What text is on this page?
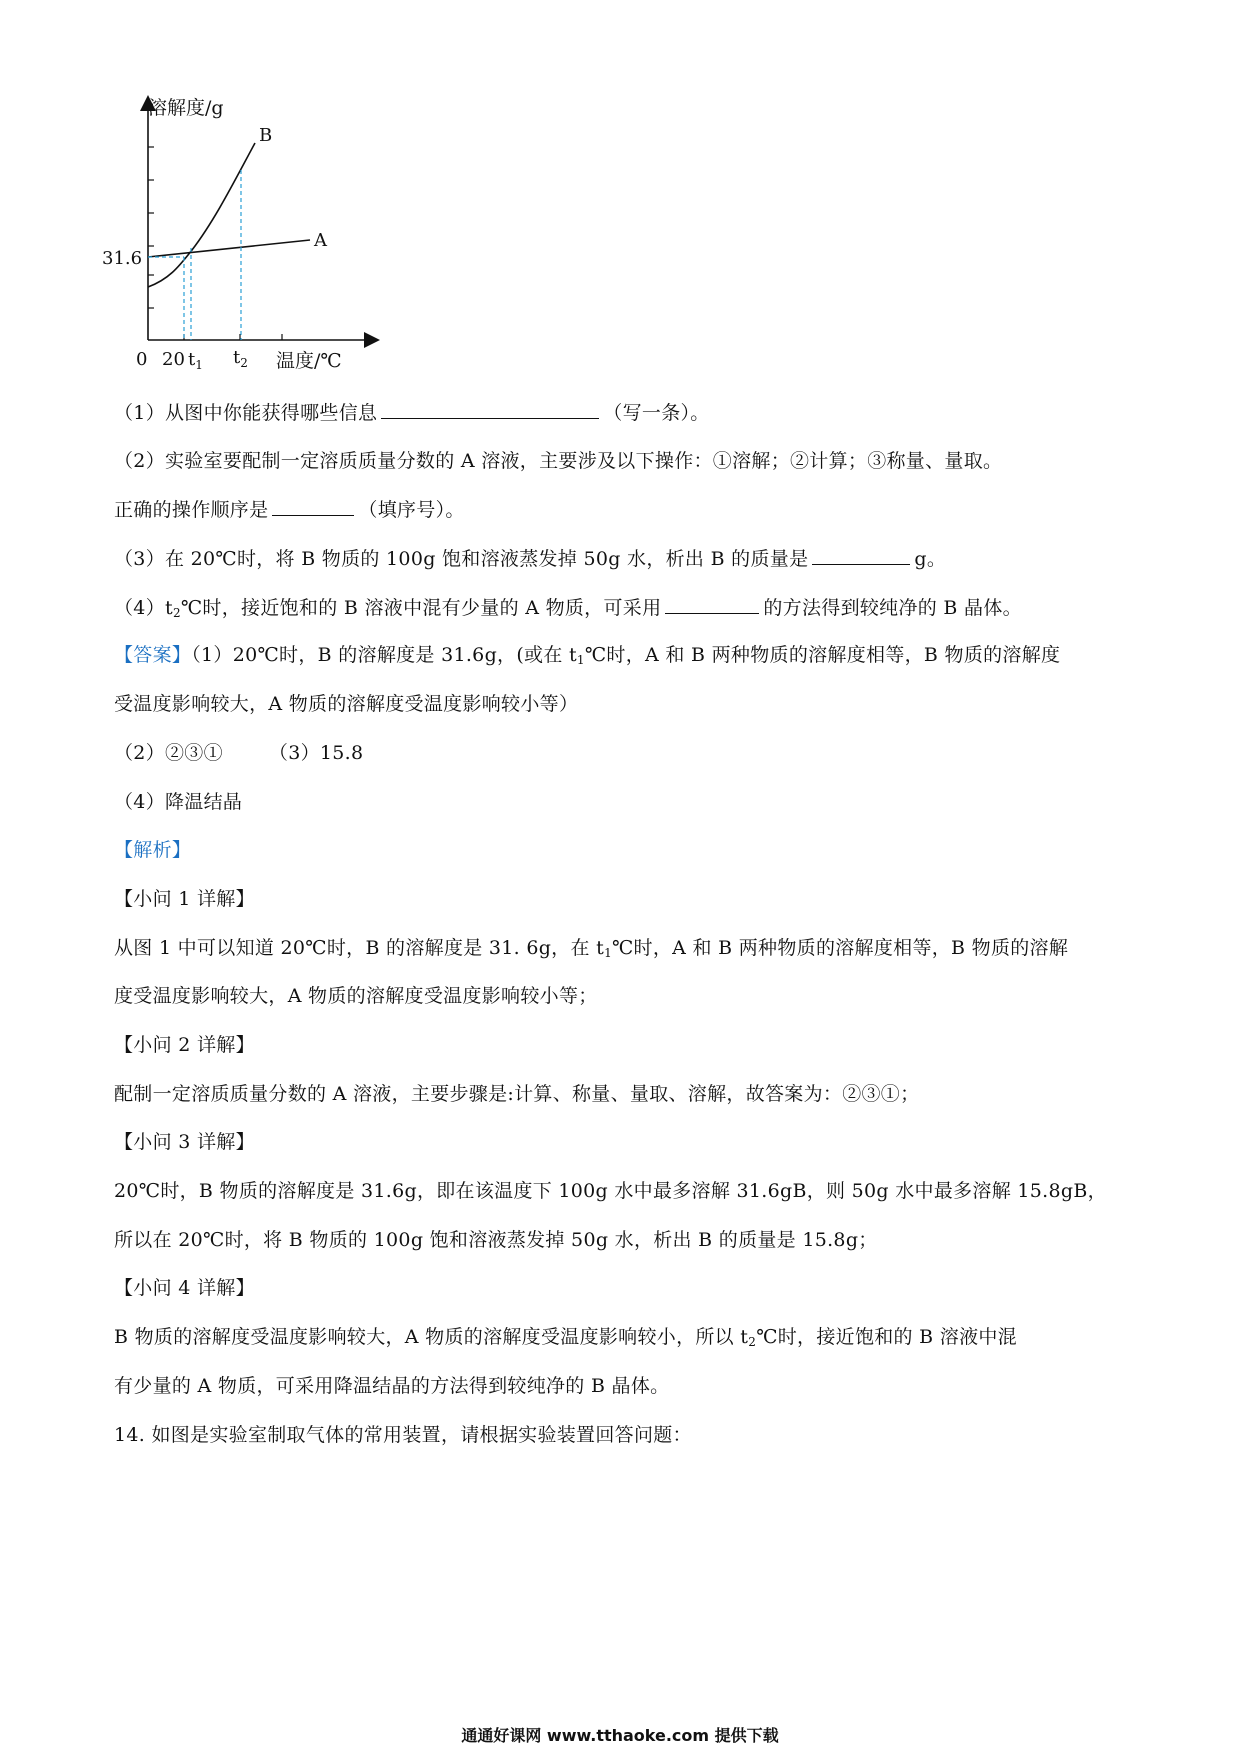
溶解度/g
B
A
31.6
0 20 $t_1$ $t_2$ 温度/℃

（1）从图中你能获得哪些信息	（写一条）。

（2）实验室要配制一定溶质质量分数的 A 溶液，主要涉及以下操作：①溶解；②计算；③称量、量取。

正确的操作顺序是	（填序号）。

（3）在 20℃时，将 B 物质的 100g 饱和溶液蒸发掉 50g 水，析出 B 的质量是	g。

$(4)t_2℃$时，接近饱和的 B 溶液中混有少量的 A 物质，可采用	的方法得到较纯净的 B 晶体。

【答案】（1）20℃时，B 的溶解度是 31.6g，(或在 $t_1℃$时，A 和 B 两种物质的溶解度相等，B 物质的溶解度

受温度影响较大，A 物质的溶解度受温度影响较小等）

（2）②③① （3）15.8

（4）降温结晶

【解析】

【小问 1 详解】

从图 1 中可以知道 20℃时，B 的溶解度是 31. 6g，在 $t_1℃$时，A 和 B 两种物质的溶解度相等，B 物质的溶解

度受温度影响较大，A 物质的溶解度受温度影响较小等；

【小问 2 详解】

配制一定溶质质量分数的 A 溶液，主要步骤是:计算、称量、量取、溶解，故答案为：②③①；

【小问 3 详解】

20℃时，B 物质的溶解度是 31.6g，即在该温度下 100g 水中最多溶解 31.6gB，则 50g 水中最多溶解 15.8gB，

所以在 20℃时，将 B 物质的 100g 饱和溶液蒸发掉 50g 水，析出 B 的质量是 15.8g；

【小问 4 详解】

B 物质的溶解度受温度影响较大，A 物质的溶解度受温度影响较小，所以 $t_2℃$时，接近饱和的 B 溶液中混

有少量的 A 物质，可采用降温结晶的方法得到较纯净的 B 晶体。

14. 如图是实验室制取气体的常用装置，请根据实验装置回答问题：

通通好课网 www.tthaoke.com 提供下载
